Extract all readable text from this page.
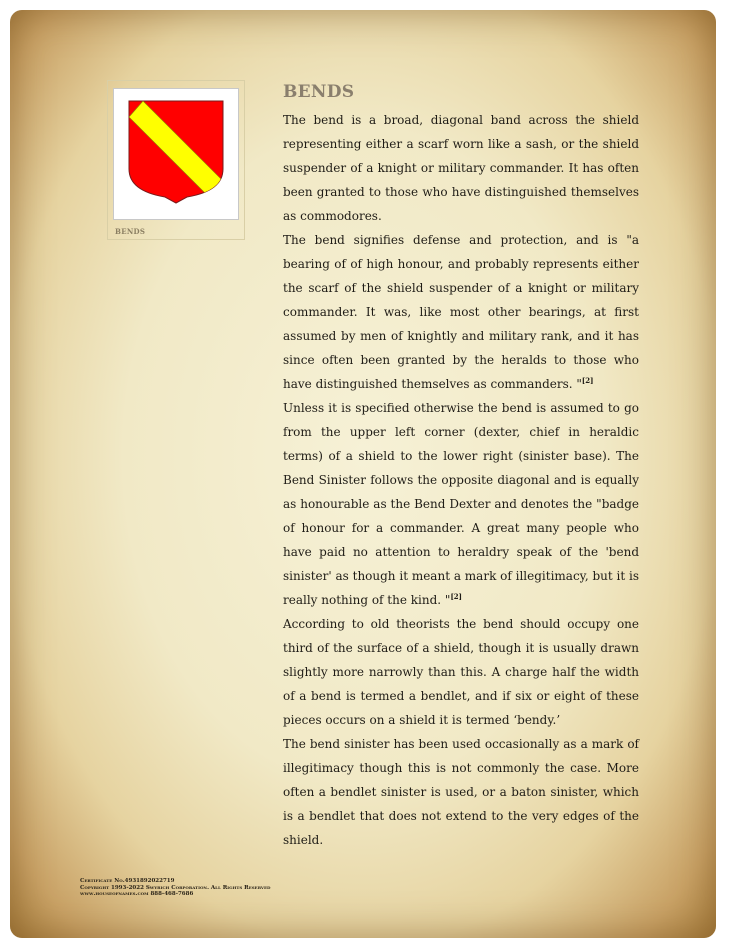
BENDS
BENDS

The bend is a broad, diagonal band across the shield representing either a scarf worn like a sash, or the shield suspender of a knight or military commander. It has often been granted to those who have distinguished themselves as commodores.

The bend signifies defense and protection, and is "a bearing of of high honour, and probably represents either the scarf of the shield suspender of a knight or military commander. It was, like most other bearings, at first assumed by men of knightly and military rank, and it has since often been granted by the heralds to those who have distinguished themselves as commanders. "[2]

Unless it is specified otherwise the bend is assumed to go from the upper left corner (dexter, chief in heraldic terms) of a shield to the lower right (sinister base). The Bend Sinister follows the opposite diagonal and is equally as honourable as the Bend Dexter and denotes the "badge of honour for a commander. A great many people who have paid no attention to heraldry speak of the 'bend sinister' as though it meant a mark of illegitimacy, but it is really nothing of the kind. "[2]

According to old theorists the bend should occupy one third of the surface of a shield, though it is usually drawn slightly more narrowly than this. A charge half the width of a bend is termed a bendlet, and if six or eight of these pieces occurs on a shield it is termed ‘bendy.’

The bend sinister has been used occasionally as a mark of illegitimacy though this is not commonly the case. More often a bendlet sinister is used, or a baton sinister, which is a bendlet that does not extend to the very edges of the shield.

Certificate No.4931892022719
Copyright 1993-2022 Swyrich Corporation. All Rights Reserved
www.houseofnames.com 888-468-7686
